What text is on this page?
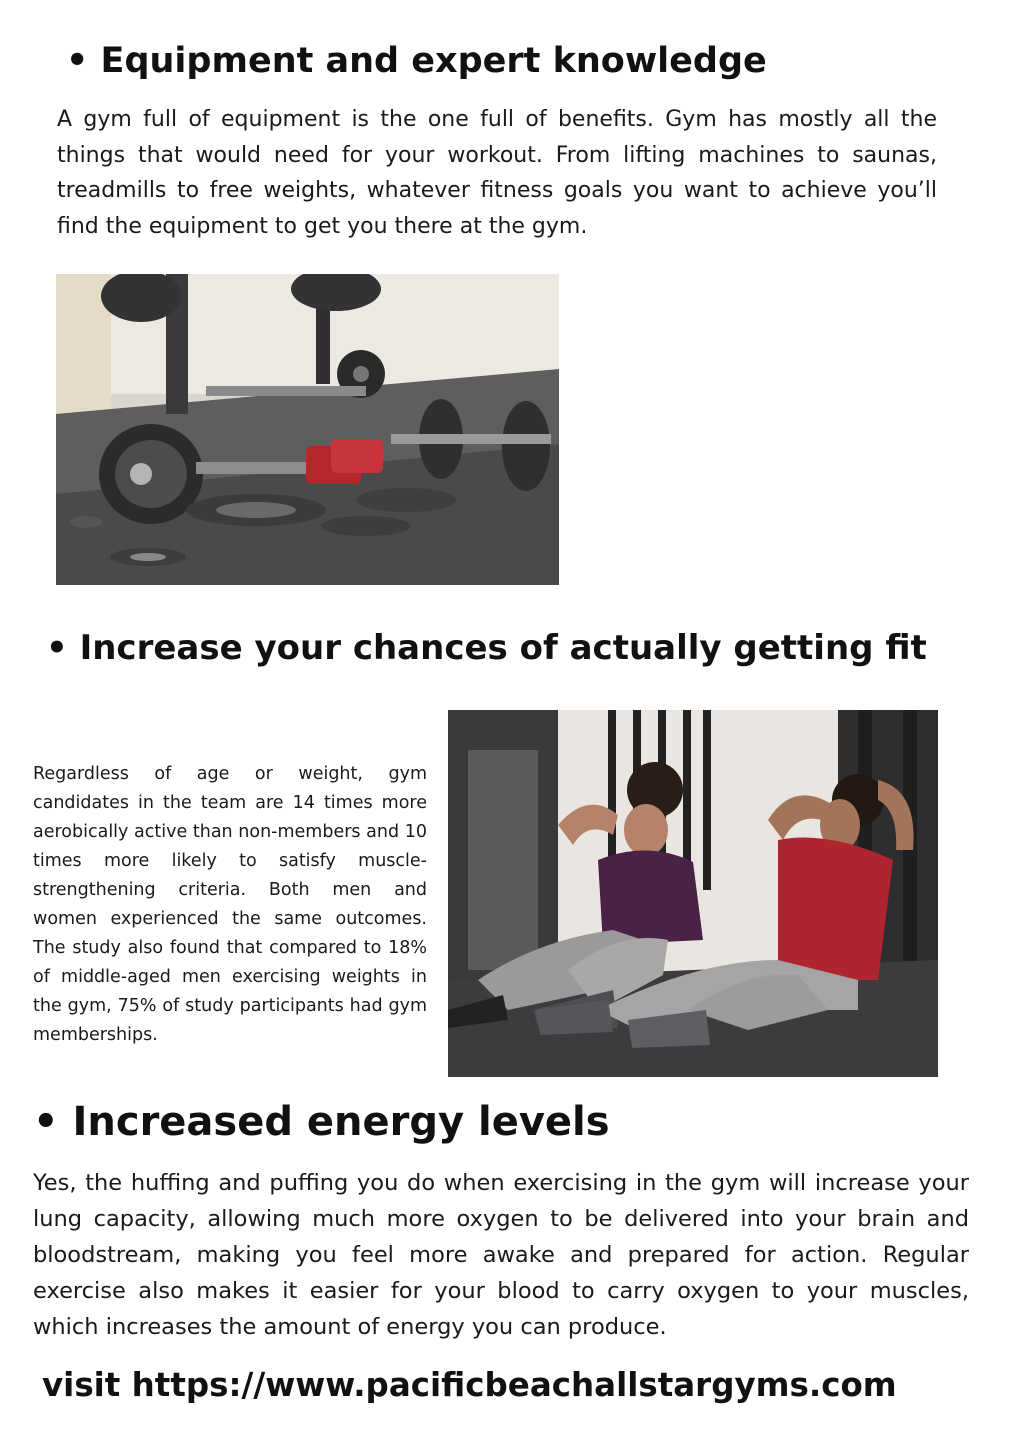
• Equipment and expert knowledge

A gym full of equipment is the one full of benefits. Gym has mostly all the things that would need for your workout. From lifting machines to saunas, treadmills to free weights, whatever fitness goals you want to achieve you’ll find the equipment to get you there at the gym.

• Increase your chances of actually getting fit

Regardless of age or weight, gym candidates in the team are 14 times more aerobically active than non-members and 10 times more likely to satisfy muscle-strengthening criteria. Both men and women experienced the same outcomes. The study also found that compared to 18% of middle-aged men exercising weights in the gym, 75% of study participants had gym memberships.

• Increased energy levels

Yes, the huffing and puffing you do when exercising in the gym will increase your lung capacity, allowing much more oxygen to be delivered into your brain and bloodstream, making you feel more awake and prepared for action. Regular exercise also makes it easier for your blood to carry oxygen to your muscles, which increases the amount of energy you can produce.

visit https://www.pacificbeachallstargyms.com
